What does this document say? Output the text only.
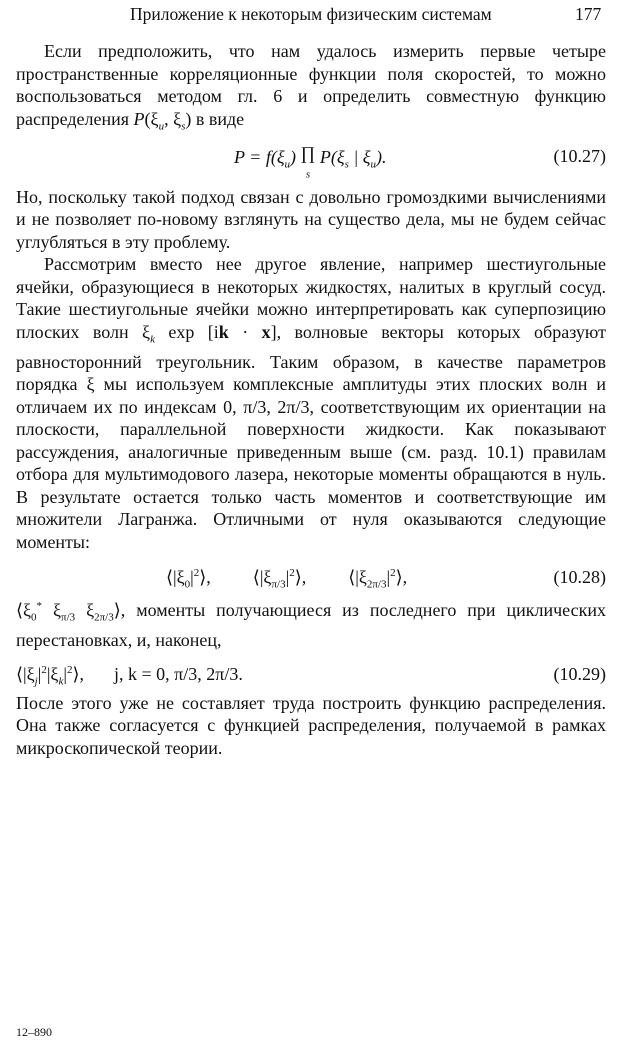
Приложение к некоторым физическим системам	177

Если предположить, что нам удалось измерить первые четыре пространственные корреляционные функции поля скоростей, то можно воспользоваться методом гл. 6 и определить совместную функцию распределения $P(\xi_u$, $\xi_s$) в виде

$P = f(\xi_u)$ ∏
$_s$ $P(\xi_s$ | $\xi_u$).	(10.27)

Но, поскольку такой подход связан с довольно громоздкими вычислениями и не позволяет по-новому взглянуть на существо дела, мы не будем сейчас углубляться в эту проблему.

Рассмотрим вместо нее другое явление, например шестиугольные ячейки, образующиеся в некоторых жидкостях, налитых в круглый сосуд. Такие шестиугольные ячейки можно интерпретировать как суперпозицию плоских волн $\xi_k$ exp [ik · x], волновые векторы которых образуют равносторонний треугольник. Таким образом, в качестве параметров порядка ξ мы используем комплексные амплитуды этих плоских волн и отличаем их по индексам 0, π/3, 2π/3, соответствующим их ориентации на плоскости, параллельной поверхности жидкости. Как показывают рассуждения, аналогичные приведенным выше (см. разд. 10.1) правилам отбора для мультимодового лазера, некоторые моменты обращаются в нуль. В результате остается только часть моментов и соответствующие им множители Лагранжа. Отличными от нуля оказываются следующие моменты:

$⟨|\xi_0|^2⟩$, $⟨|\xi_{\pi/3}|^2⟩$, $⟨|\xi_{2\pi/3}|^2⟩$,	(10.28)

$⟨\xi_0^*$ $\xi_{\pi/3}$ $\xi_{2\pi/3}⟩$, моменты получающиеся из последнего при циклических перестановках, и, наконец,

$⟨|\xi_j|^2|\xi_k|^2⟩$, j, k = 0, π/3, 2π/3.	(10.29)

После этого уже не составляет труда построить функцию распределения. Она также согласуется с функцией распределения, получаемой в рамках микроскопической теории.

12–890
